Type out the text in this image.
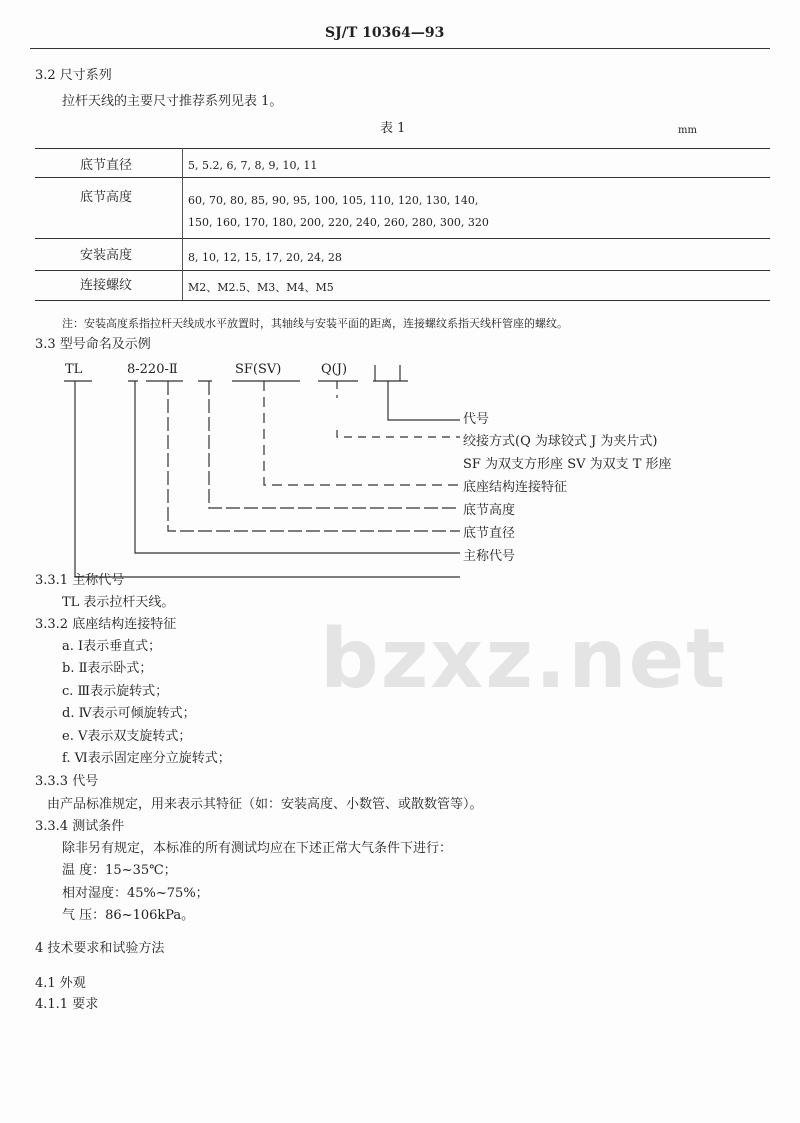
bzxz.net
SJ/T 10364—93
3.2 尺寸系列
拉杆天线的主要尺寸推荐系列见表 1。
表 1	mm
底节直径	5, 5.2, 6, 7, 8, 9, 10, 11
底节高度	60, 70, 80, 85, 90, 95, 100, 105, 110, 120, 130, 140,
150, 160, 170, 180, 200, 220, 240, 260, 280, 300, 320
安装高度	8, 10, 12, 15, 17, 20, 24, 28
连接螺纹	M2、M2.5、M3、M4、M5
注：安装高度系指拉杆天线成水平放置时，其轴线与安装平面的距离，连接螺纹系指天线杆管座的螺纹。
3.3 型号命名及示例
TL	8-220-Ⅱ	SF(SV)	Q(J)
代号
绞接方式(Q 为球铰式 J 为夹片式)
SF 为双支方形座 SV 为双支 T 形座
底座结构连接特征
底节高度
底节直径
主称代号
3.3.1 主称代号
TL 表示拉杆天线。
3.3.2 底座结构连接特征
a. Ⅰ表示垂直式；
b. Ⅱ表示卧式；
c. Ⅲ表示旋转式；
d. Ⅳ表示可倾旋转式；
e. Ⅴ表示双支旋转式；
f. Ⅵ表示固定座分立旋转式；
3.3.3 代号
由产品标准规定，用来表示其特征（如：安装高度、小数管、或散数管等）。
3.3.4 测试条件
除非另有规定，本标准的所有测试均应在下述正常大气条件下进行：
温 度：15~35℃；
相对湿度：45%~75%；
气 压：86~106kPa。
4 技术要求和试验方法
4.1 外观
4.1.1 要求
